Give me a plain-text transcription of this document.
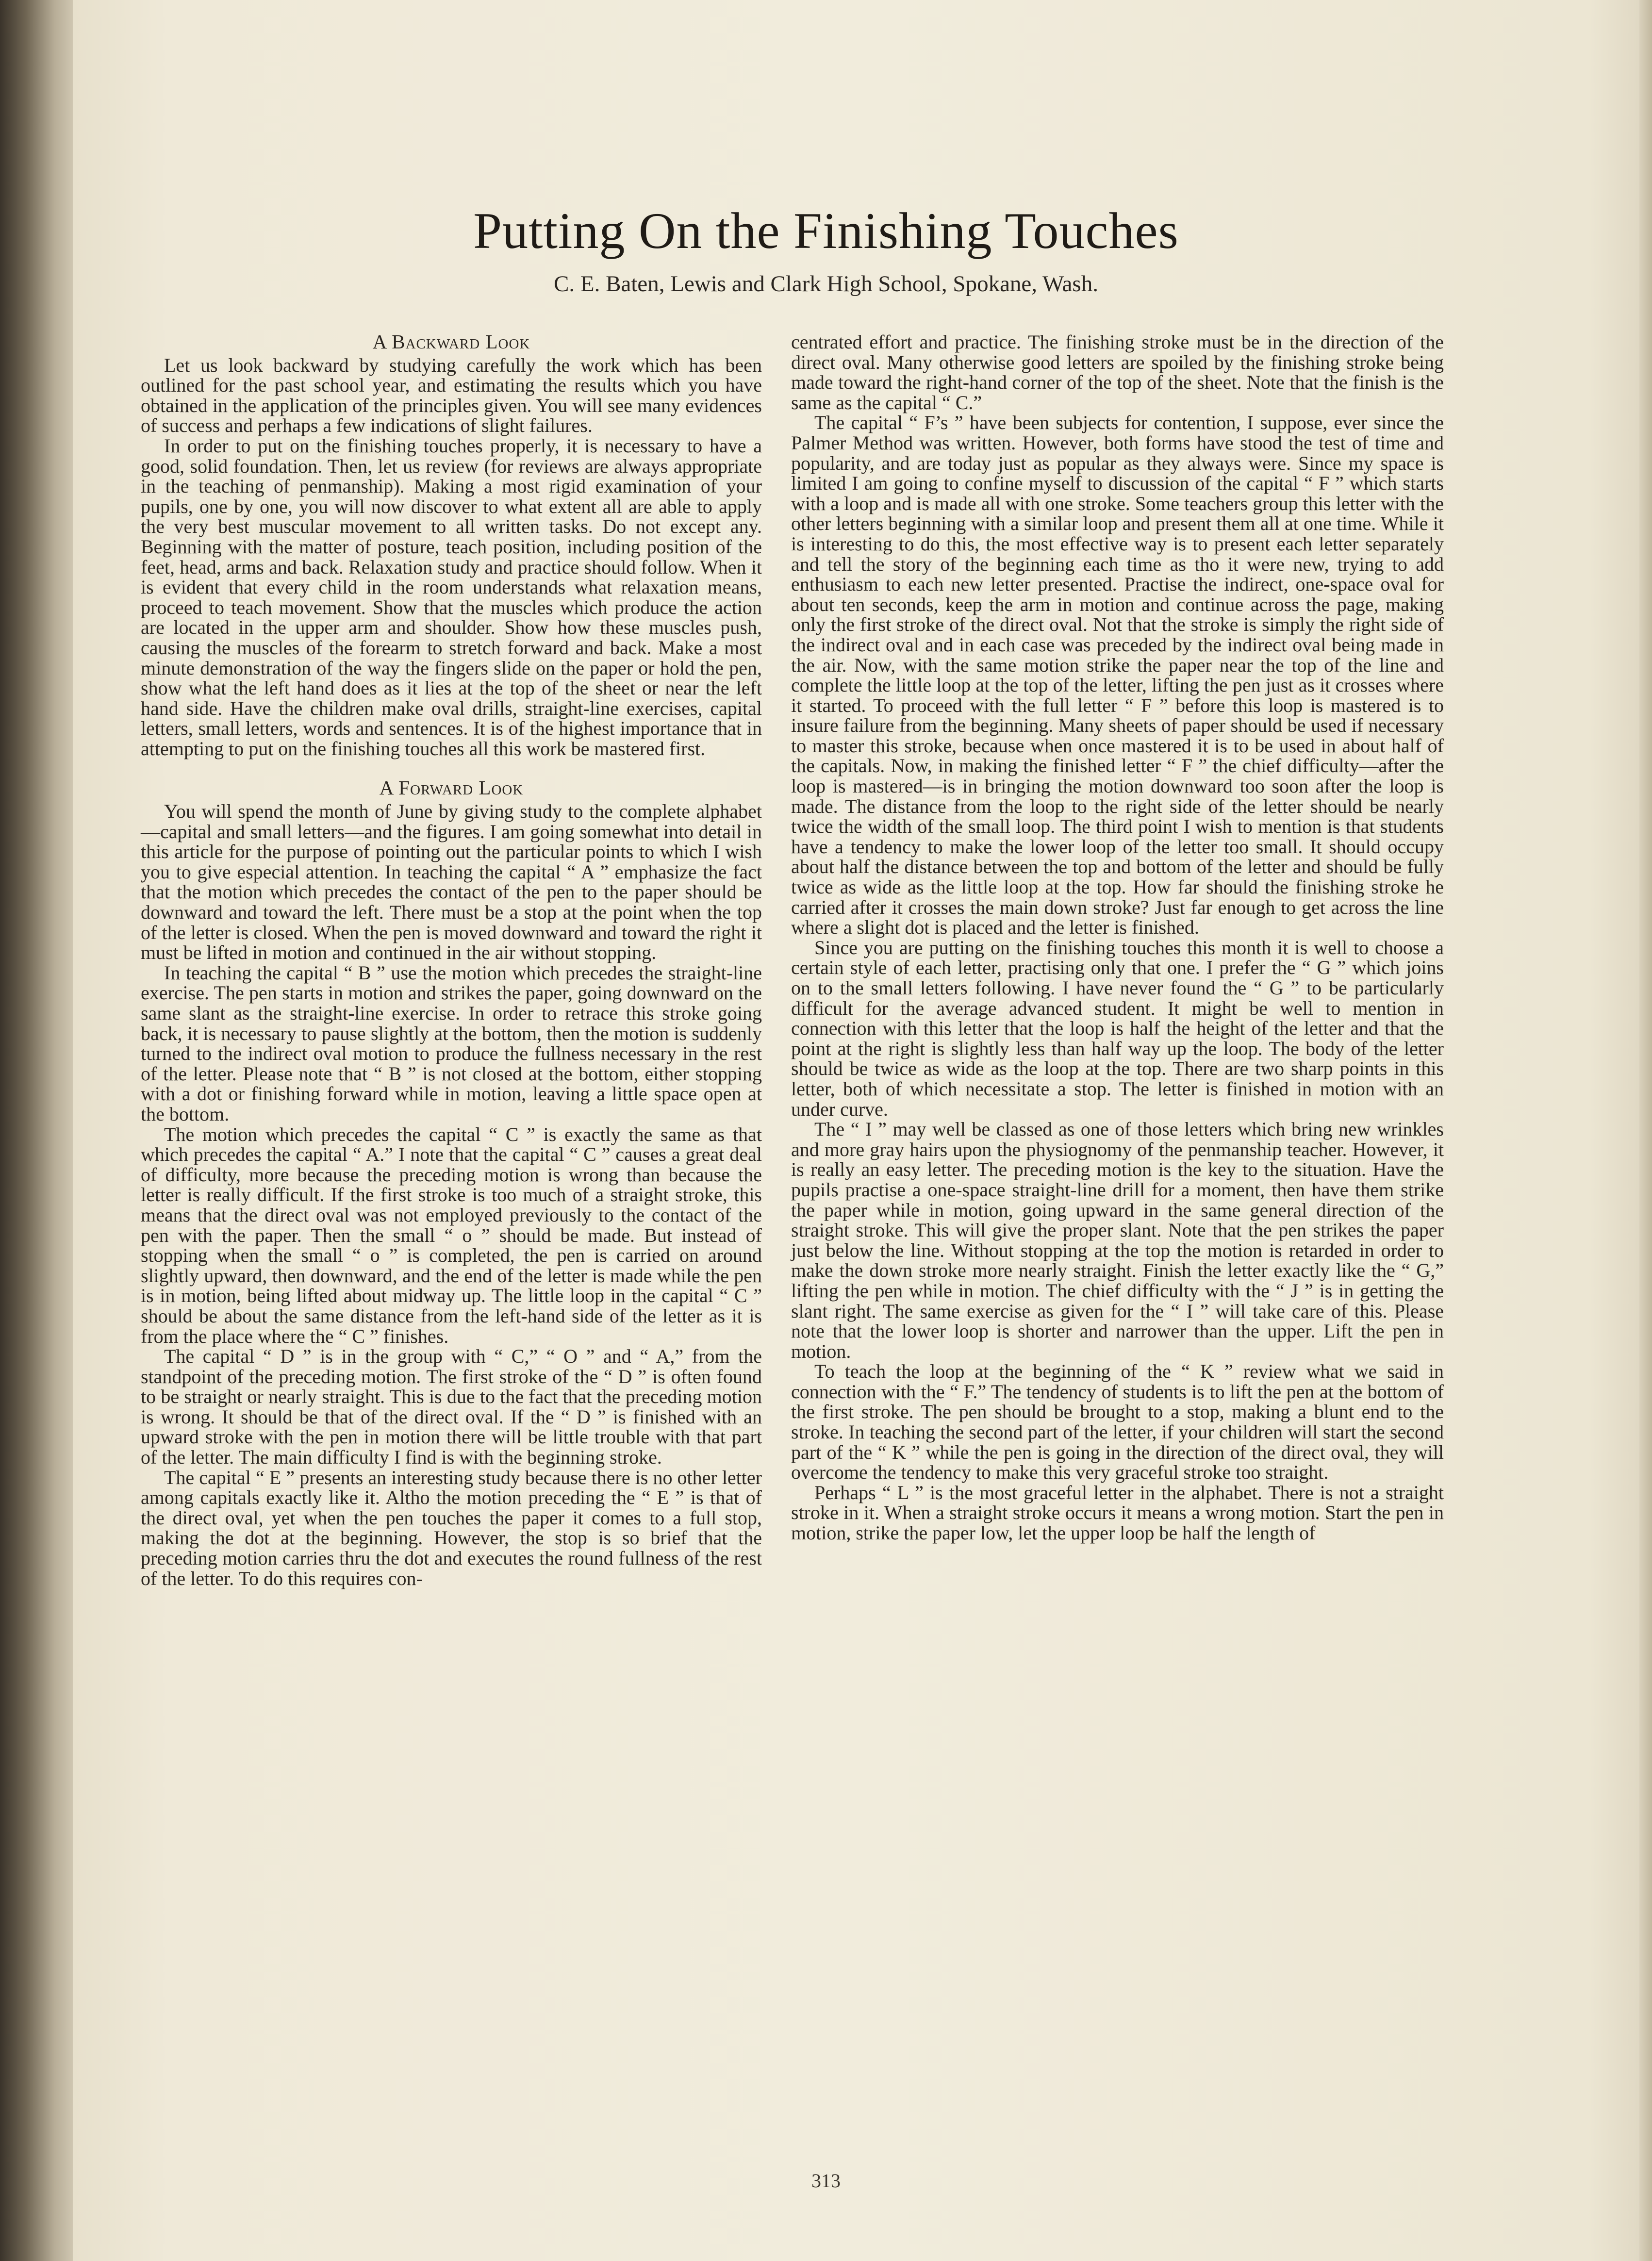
Putting On the Finishing Touches

C. E. Baten, Lewis and Clark High School, Spokane, Wash.

A Backward Look

Let us look backward by studying carefully the work which has been outlined for the past school year, and estimating the results which you have obtained in the application of the principles given. You will see many evidences of success and perhaps a few indications of slight failures.

In order to put on the finishing touches properly, it is necessary to have a good, solid foundation. Then, let us review (for reviews are always appropriate in the teaching of penmanship). Making a most rigid examination of your pupils, one by one, you will now discover to what extent all are able to apply the very best muscular movement to all written tasks. Do not except any. Beginning with the matter of posture, teach position, including position of the feet, head, arms and back. Relaxation study and practice should follow. When it is evident that every child in the room understands what relaxation means, proceed to teach movement. Show that the muscles which produce the action are located in the upper arm and shoulder. Show how these muscles push, causing the muscles of the forearm to stretch forward and back. Make a most minute demonstration of the way the fingers slide on the paper or hold the pen, show what the left hand does as it lies at the top of the sheet or near the left hand side. Have the children make oval drills, straight-line exercises, capital letters, small letters, words and sentences. It is of the highest importance that in attempting to put on the finishing touches all this work be mastered first.

A Forward Look

You will spend the month of June by giving study to the complete alphabet—capital and small letters—and the figures. I am going somewhat into detail in this article for the purpose of pointing out the particular points to which I wish you to give especial attention. In teaching the capital “ A ” emphasize the fact that the motion which precedes the contact of the pen to the paper should be downward and toward the left. There must be a stop at the point when the top of the letter is closed. When the pen is moved downward and toward the right it must be lifted in motion and continued in the air without stopping.

In teaching the capital “ B ” use the motion which precedes the straight-line exercise. The pen starts in motion and strikes the paper, going downward on the same slant as the straight-line exercise. In order to retrace this stroke going back, it is necessary to pause slightly at the bottom, then the motion is suddenly turned to the indirect oval motion to produce the fullness necessary in the rest of the letter. Please note that “ B ” is not closed at the bottom, either stopping with a dot or finishing forward while in motion, leaving a little space open at the bottom.

The motion which precedes the capital “ C ” is exactly the same as that which precedes the capital “ A.” I note that the capital “ C ” causes a great deal of difficulty, more because the preceding motion is wrong than because the letter is really difficult. If the first stroke is too much of a straight stroke, this means that the direct oval was not employed previously to the contact of the pen with the paper. Then the small “ o ” should be made. But instead of stopping when the small “ o ” is completed, the pen is carried on around slightly upward, then downward, and the end of the letter is made while the pen is in motion, being lifted about midway up. The little loop in the capital “ C ” should be about the same distance from the left-hand side of the letter as it is from the place where the “ C ” finishes.

The capital “ D ” is in the group with “ C,” “ O ” and “ A,” from the standpoint of the preceding motion. The first stroke of the “ D ” is often found to be straight or nearly straight. This is due to the fact that the preceding motion is wrong. It should be that of the direct oval. If the “ D ” is finished with an upward stroke with the pen in motion there will be little trouble with that part of the letter. The main difficulty I find is with the beginning stroke.

The capital “ E ” presents an interesting study because there is no other letter among capitals exactly like it. Altho the motion preceding the “ E ” is that of the direct oval, yet when the pen touches the paper it comes to a full stop, making the dot at the beginning. However, the stop is so brief that the preceding motion carries thru the dot and executes the round fullness of the rest of the letter. To do this requires con-

centrated effort and practice. The finishing stroke must be in the direction of the direct oval. Many otherwise good letters are spoiled by the finishing stroke being made toward the right-hand corner of the top of the sheet. Note that the finish is the same as the capital “ C.”

The capital “ F’s ” have been subjects for contention, I suppose, ever since the Palmer Method was written. However, both forms have stood the test of time and popularity, and are today just as popular as they always were. Since my space is limited I am going to confine myself to discussion of the capital “ F ” which starts with a loop and is made all with one stroke. Some teachers group this letter with the other letters beginning with a similar loop and present them all at one time. While it is interesting to do this, the most effective way is to present each letter separately and tell the story of the beginning each time as tho it were new, trying to add enthusiasm to each new letter presented. Practise the indirect, one-space oval for about ten seconds, keep the arm in motion and continue across the page, making only the first stroke of the direct oval. Not that the stroke is simply the right side of the indirect oval and in each case was preceded by the indirect oval being made in the air. Now, with the same motion strike the paper near the top of the line and complete the little loop at the top of the letter, lifting the pen just as it crosses where it started. To proceed with the full letter “ F ” before this loop is mastered is to insure failure from the beginning. Many sheets of paper should be used if necessary to master this stroke, because when once mastered it is to be used in about half of the capitals. Now, in making the finished letter “ F ” the chief difficulty—after the loop is mastered—is in bringing the motion downward too soon after the loop is made. The distance from the loop to the right side of the letter should be nearly twice the width of the small loop. The third point I wish to mention is that students have a tendency to make the lower loop of the letter too small. It should occupy about half the distance between the top and bottom of the letter and should be fully twice as wide as the little loop at the top. How far should the finishing stroke he carried after it crosses the main down stroke? Just far enough to get across the line where a slight dot is placed and the letter is finished.

Since you are putting on the finishing touches this month it is well to choose a certain style of each letter, practising only that one. I prefer the “ G ” which joins on to the small letters following. I have never found the “ G ” to be particularly difficult for the average advanced student. It might be well to mention in connection with this letter that the loop is half the height of the letter and that the point at the right is slightly less than half way up the loop. The body of the letter should be twice as wide as the loop at the top. There are two sharp points in this letter, both of which necessitate a stop. The letter is finished in motion with an under curve.

The “ I ” may well be classed as one of those letters which bring new wrinkles and more gray hairs upon the physiognomy of the penmanship teacher. However, it is really an easy letter. The preceding motion is the key to the situation. Have the pupils practise a one-space straight-line drill for a moment, then have them strike the paper while in motion, going upward in the same general direction of the straight stroke. This will give the proper slant. Note that the pen strikes the paper just below the line. Without stopping at the top the motion is retarded in order to make the down stroke more nearly straight. Finish the letter exactly like the “ G,” lifting the pen while in motion. The chief difficulty with the “ J ” is in getting the slant right. The same exercise as given for the “ I ” will take care of this. Please note that the lower loop is shorter and narrower than the upper. Lift the pen in motion.

To teach the loop at the beginning of the “ K ” review what we said in connection with the “ F.” The tendency of students is to lift the pen at the bottom of the first stroke. The pen should be brought to a stop, making a blunt end to the stroke. In teaching the second part of the letter, if your children will start the second part of the “ K ” while the pen is going in the direction of the direct oval, they will overcome the tendency to make this very graceful stroke too straight.

Perhaps “ L ” is the most graceful letter in the alphabet. There is not a straight stroke in it. When a straight stroke occurs it means a wrong motion. Start the pen in motion, strike the paper low, let the upper loop be half the length of

313
